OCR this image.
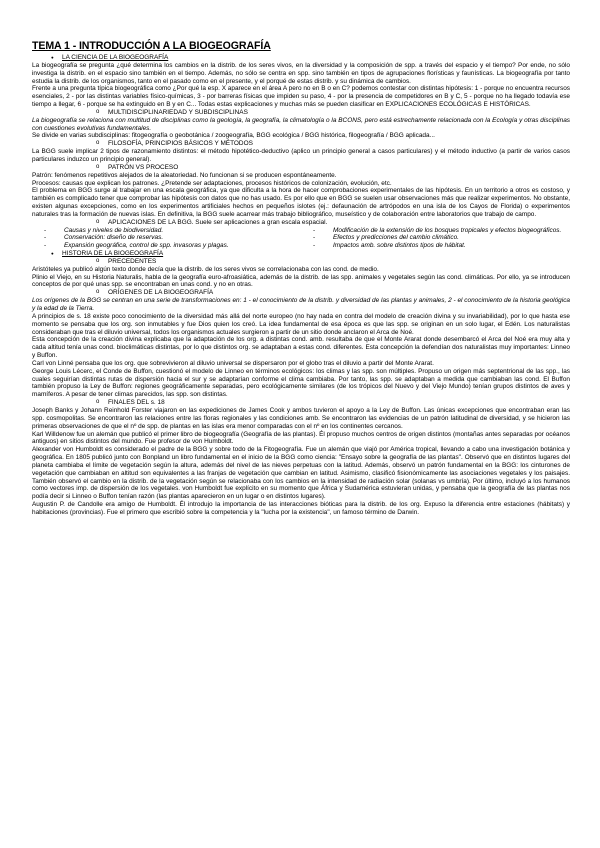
TEMA 1 - INTRODUCCIÓN A LA BIOGEOGRAFÍA

● LA CIENCIA DE LA BIOGEOGRAFÍA

La biogeografía se pregunta ¿qué determina los cambios en la distrib. de los seres vivos, en la diversidad y la composición de spp. a través del espacio y el tiempo? Por ende, no sólo investiga la distrib. en el espacio sino también en el tiempo. Además, no sólo se centra en spp. sino también en tipos de agrupaciones florísticas y faunísticas. La biogeografía por tanto estudia la distrib. de los organismos, tanto en el pasado como en el presente, y el porqué de estas distrib. y su dinámica de cambios.

Frente a una pregunta típica biogeográfica como ¿Por qué la esp. X aparece en el área A pero no en B o en C? podemos contestar con distintas hipótesis: 1 - porque no encuentra recursos esenciales, 2 - por las distintas variables físico-químicas, 3 - por barreras físicas que impiden su paso, 4 - por la presencia de competidores en B y C, 5 - porque no ha llegado todavía ese tiempo a llegar, 6 - porque se ha extinguido en B y en C... Todas estas explicaciones y muchas más se pueden clasificar en EXPLICACIONES ECOLÓGICAS E HISTÓRICAS.

o MULTIDISCIPLINARIEDAD Y SUBDISCIPLINAS

La biogeografía se relaciona con multitud de disciplinas como la geología, la geografía, la climatología o la BCONS, pero está estrechamente relacionada con la Ecología y otras disciplinas con cuestiones evolutivas fundamentales.

Se divide en varias subdisciplinas: fitogeografía o geobotánica / zoogeografía, BGG ecológica / BGG histórica, filogeografía / BGG aplicada...

o FILOSOFÍA, PRINCIPIOS BÁSICOS Y MÉTODOS

La BGG suele implicar 2 tipos de razonamiento distintos: el método hipotético-deductivo (aplico un principio general a casos particulares) y el método inductivo (a partir de varios casos particulares induzco un principio general).

o PATRÓN VS PROCESO

Patrón: fenómenos repetitivos alejados de la aleatoriedad. No funcionan si se producen espontáneamente.

Procesos: causas que explican los patrones. ¿Pretende ser adaptaciones, procesos históricos de colonización, evolución, etc.

El problema en BGG surge al trabajar en una escala geográfica, ya que dificulta a la hora de hacer comprobaciones experimentales de las hipótesis. En un territorio a otros es costoso, y también es complicado tener que comprobar las hipótesis con datos que no has usado. Es por ello que en BGG se suelen usar observaciones más que realizar experimentos. No obstante, existen algunas excepciones, como en los experimentos artificiales hechos en pequeños islotes (ej.: defaunación de artrópodos en una isla de los Cayos de Florida) o experimentos naturales tras la formación de nuevas islas. En definitiva, la BGG suele acarrear más trabajo bibliográfico, museístico y de colaboración entre laboratorios que trabajo de campo.

o APLICACIONES DE LA BGG. Suele ser aplicaciones a gran escala espacial.

- Causas y niveles de biodiversidad.
- Conservación: diseño de reservas.
- Expansión geográfica, control de spp. invasoras y plagas.
- Modificación de la extensión de los bosques tropicales y efectos biogeográficos.
- Efectos y predicciones del cambio climático.
- Impactos amb. sobre distintos tipos de hábitat.

● HISTORIA DE LA BIOGEOGRAFÍA

o PRECEDENTES

Aristóteles ya publicó algún texto donde decía que la distrib. de los seres vivos se correlacionaba con las cond. de medio.

Plinio el Viejo, en su Historia Naturalis, habla de la geografía euro-afroasiática, además de la distrib. de las spp. animales y vegetales según las cond. climáticas. Por ello, ya se introducen conceptos de por qué unas spp. se encontraban en unas cond. y no en otras.

o ORÍGENES DE LA BIOGEOGRAFÍA

Los orígenes de la BGG se centran en una serie de transformaciones en: 1 - el conocimiento de la distrib. y diversidad de las plantas y animales, 2 - el conocimiento de la historia geológica y la edad de la Tierra.

A principios de s. 18 existe poco conocimiento de la diversidad más allá del norte europeo (no hay nada en contra del modelo de creación divina y su invariabilidad), por lo que hasta ese momento se pensaba que los org. son inmutables y fue Dios quien los creó. La idea fundamental de esa época es que las spp. se originan en un solo lugar, el Edén. Los naturalistas consideraban que tras el diluvio universal, todos los organismos actuales surgieron a partir de un sitio donde anclaron el Arca de Noé.

Esta concepción de la creación divina explicaba que la adaptación de los org. a distintas cond. amb. resultaba de que el Monte Ararat donde desembarcó el Arca del Noé era muy alta y cada altitud tenía unas cond. bioclimáticas distintas, por lo que distintos org. se adaptaban a estas cond. diferentes. Esta concepción la defendían dos naturalistas muy importantes: Linneo y Buffon.

Carl von Linné pensaba que los org. que sobrevivieron al diluvio universal se dispersaron por el globo tras el diluvio a partir del Monte Ararat.

George Louis Lécerc, el Conde de Buffon, cuestionó el modelo de Linneo en términos ecológicos: los climas y las spp. son múltiples. Propuso un origen más septentrional de las spp., las cuales seguirían distintas rutas de dispersión hacia el sur y se adaptarían conforme el clima cambiaba. Por tanto, las spp. se adaptaban a medida que cambiaban las cond. El Buffon también propuso la Ley de Buffon: regiones geográficamente separadas, pero ecológicamente similares (de los trópicos del Nuevo y del Viejo Mundo) tenían grupos distintos de aves y mamíferos. A pesar de tener climas parecidos, las spp. son distintas.

o FINALES DEL s. 18

Joseph Banks y Johann Reinhold Forster viajaron en las expediciones de James Cook y ambos tuvieron el apoyo a la Ley de Buffon. Las únicas excepciones que encontraban eran las spp. cosmopolitas. Se encontraron las relaciones entre las floras regionales y las condiciones amb. Se encontraron las evidencias de un patrón latitudinal de diversidad, y se hicieron las primeras observaciones de que el nº de spp. de plantas en las islas era menor comparadas con el nº en los continentes cercanos.

Karl Willdenow fue un alemán que publicó el primer libro de biogeografía (Geografía de las plantas). Él propuso muchos centros de origen distintos (montañas antes separadas por océanos antiguos) en sitios distintos del mundo. Fue profesor de von Humboldt.

Alexander von Humboldt es considerado el padre de la BGG y sobre todo de la Fitogeografía. Fue un alemán que viajó por América tropical, llevando a cabo una investigación botánica y geográfica. En 1805 publicó junto con Bonpland un libro fundamental en el inicio de la BGG como ciencia: "Ensayo sobre la geografía de las plantas". Observó que en distintos lugares del planeta cambiaba el límite de vegetación según la altura, además del nivel de las nieves perpetuas con la latitud. Además, observó un patrón fundamental en la BGG: los cinturones de vegetación que cambiaban en altitud son equivalentes a las franjas de vegetación que cambian en latitud. Asimismo, clasificó fisionómicamente las asociaciones vegetales y los paisajes. También observó el cambio en la distrib. de la vegetación según se relacionaba con los cambios en la intensidad de radiación solar (solanas vs umbría). Por último, incluyó a los humanos como vectores imp. de dispersión de los vegetales. von Humboldt fue explícito en su momento que África y Sudamérica estuvieran unidas, y pensaba que la geografía de las plantas nos podía decir si Linneo o Buffon tenían razón (las plantas aparecieron en un lugar o en distintos lugares).

Augustin P. de Candolle era amigo de Humboldt. Él introdujo la importancia de las interacciones bióticas para la distrib. de los org. Expuso la diferencia entre estaciones (hábitats) y habitaciones (provincias). Fue el primero que escribió sobre la competencia y la "lucha por la existencia", un famoso término de Darwin.
